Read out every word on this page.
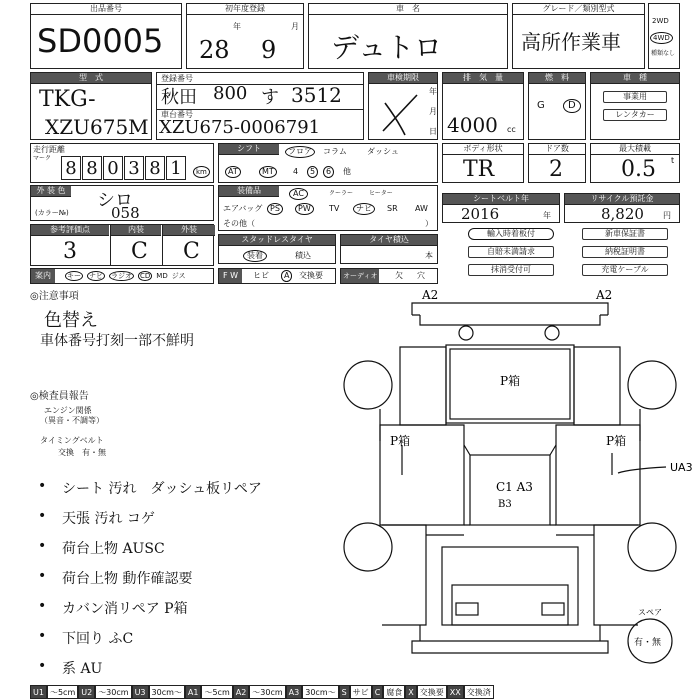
出品番号
SD0005
初年度登録
年	月
28 9
車　名
デュトロ
グレード／類別型式
高所作業車
2WD
4WD
種類なし
型　式
TKG-
XZU675M
登録番号
秋田 800 す 3512
車台番号
XZU675-0006791
車検期限
年
月
日
排　気　量
4000 cc
燃　料
G	D
車　種
事業用
レンタカー
走行距離
マーク 8 8 0 3 8 1	km
シフト	フロア	コラム	ダッシュ
AT	MT	4	5	6	他
ボディ形状
TR
ドア数
2
最大積載
0.5 t
外 装 色	シロ
(カラー№)	058
装備品	AC	クーラー	ヒーター
エアバッグ PS	PW	TV	ナビ	SR AW
その他（	）
シートベルト年
2016	年
リサイクル預託金
8,820 円
参考評価点	内装	外装
3 C C	スタッドレスタイヤ
装着	積込
タイヤ積込
本
輸入時着板付	新車保証書
自賠未満請求	納税証明書
抹消受付可	充電ケーブル
案内	キー ナビ ラジオ CD MD ジス	F W	ヒビ	A	交換要	オーディオ 欠 穴
◎注意事項
色替え
車体番号打刻一部不鮮明
◎検査員報告
エンジン関係
（異音・不調等）
タイミングベルト
交換　有・無
• シート 汚れ　ダッシュ板リペア
• 天張 汚れ コゲ
• 荷台上物 AUSC
• 荷台上物 動作確認要
• カバン消リペア P箱
• 下回り ふC
• 系 AU
A2	A2
P箱
P箱	P箱
C1 A3
B3
UA3
スペア
有・無
U1 〜5cm U2 〜30cm U3 30cm〜 A1 〜5cm A2 〜30cm A3 30cm〜 S サビ C 腐食 X 交換要 XX 交換済
